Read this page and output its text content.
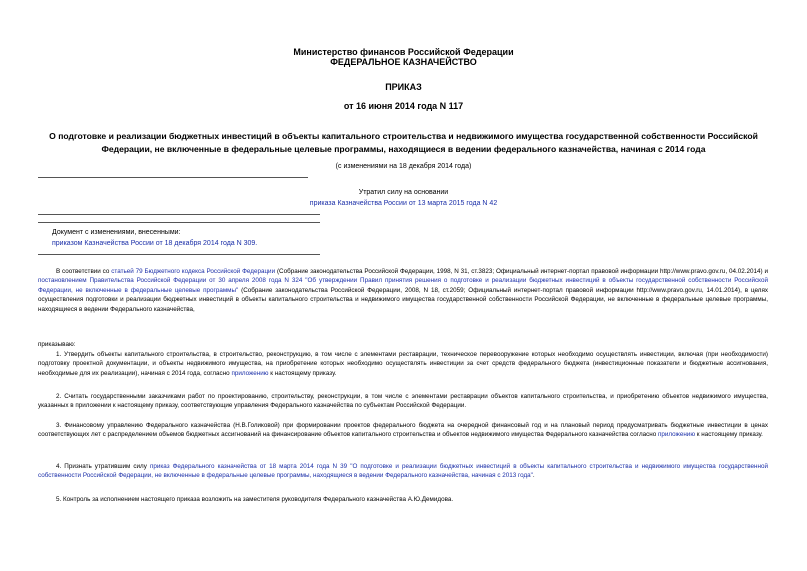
Министерство финансов Российской Федерации
ФЕДЕРАЛЬНОЕ КАЗНАЧЕЙСТВО
ПРИКАЗ
от 16 июня 2014 года N 117
О подготовке и реализации бюджетных инвестиций в объекты капитального строительства и недвижимого имущества государственной собственности Российской Федерации, не включенные в федеральные целевые программы, находящиеся в ведении федерального казначейства, начиная с 2014 года
(с изменениями на 18 декабря 2014 года)
Утратил силу на основании
приказа Казначейства России от 13 марта 2015 года N 42
Документ с изменениями, внесенными:
приказом Казначейства России от 18 декабря 2014 года N 309.
В соответствии со статьей 79 Бюджетного кодекса Российской Федерации (Собрание законодательства Российской Федерации, 1998, N 31, ст.3823; Официальный интернет-портал правовой информации http://www.pravo.gov.ru, 04.02.2014) и постановлением Правительства Российской Федерации от 30 апреля 2008 года N 324 "Об утверждении Правил принятия решения о подготовке и реализации бюджетных инвестиций в объекты государственной собственности Российской Федерации, не включенные в федеральные целевые программы" (Собрание законодательства Российской Федерации, 2008, N 18, ст.2059; Официальный интернет-портал правовой информации http://www.pravo.gov.ru, 14.01.2014), в целях осуществления подготовки и реализации бюджетных инвестиций в объекты капитального строительства и недвижимого имущества государственной собственности Российской Федерации, не включенные в федеральные целевые программы, находящиеся в ведении Федерального казначейства,
приказываю:
1. Утвердить объекты капитального строительства, в строительство, реконструкцию, в том числе с элементами реставрации, техническое перевооружение которых необходимо осуществлять инвестиции, включая (при необходимости) подготовку проектной документации, и объекты недвижимого имущества, на приобретение которых необходимо осуществлять инвестиции за счет средств федерального бюджета (инвестиционные показатели и бюджетные ассигнования, необходимые для их реализации), начиная с 2014 года, согласно приложению к настоящему приказу.
2. Считать государственными заказчиками работ по проектированию, строительству, реконструкции, в том числе с элементами реставрации объектов капитального строительства, и приобретению объектов недвижимого имущества, указанных в приложении к настоящему приказу, соответствующие управления Федерального казначейства по субъектам Российской Федерации.
3. Финансовому управлению Федерального казначейства (Н.В.Голиковой) при формировании проектов федерального бюджета на очередной финансовый год и на плановый период предусматривать бюджетные инвестиции в ценах соответствующих лет с распределением объемов бюджетных ассигнований на финансирование объектов капитального строительства и объектов недвижимого имущества Федерального казначейства согласно приложению к настоящему приказу.
4. Признать утратившим силу приказ Федерального казначейства от 18 марта 2014 года N 39 "О подготовке и реализации бюджетных инвестиций в объекты капитального строительства и недвижимого имущества государственной собственности Российской Федерации, не включенные в федеральные целевые программы, находящиеся в ведении Федерального казначейства, начиная с 2013 года".
5. Контроль за исполнением настоящего приказа возложить на заместителя руководителя Федерального казначейства А.Ю.Демидова.
